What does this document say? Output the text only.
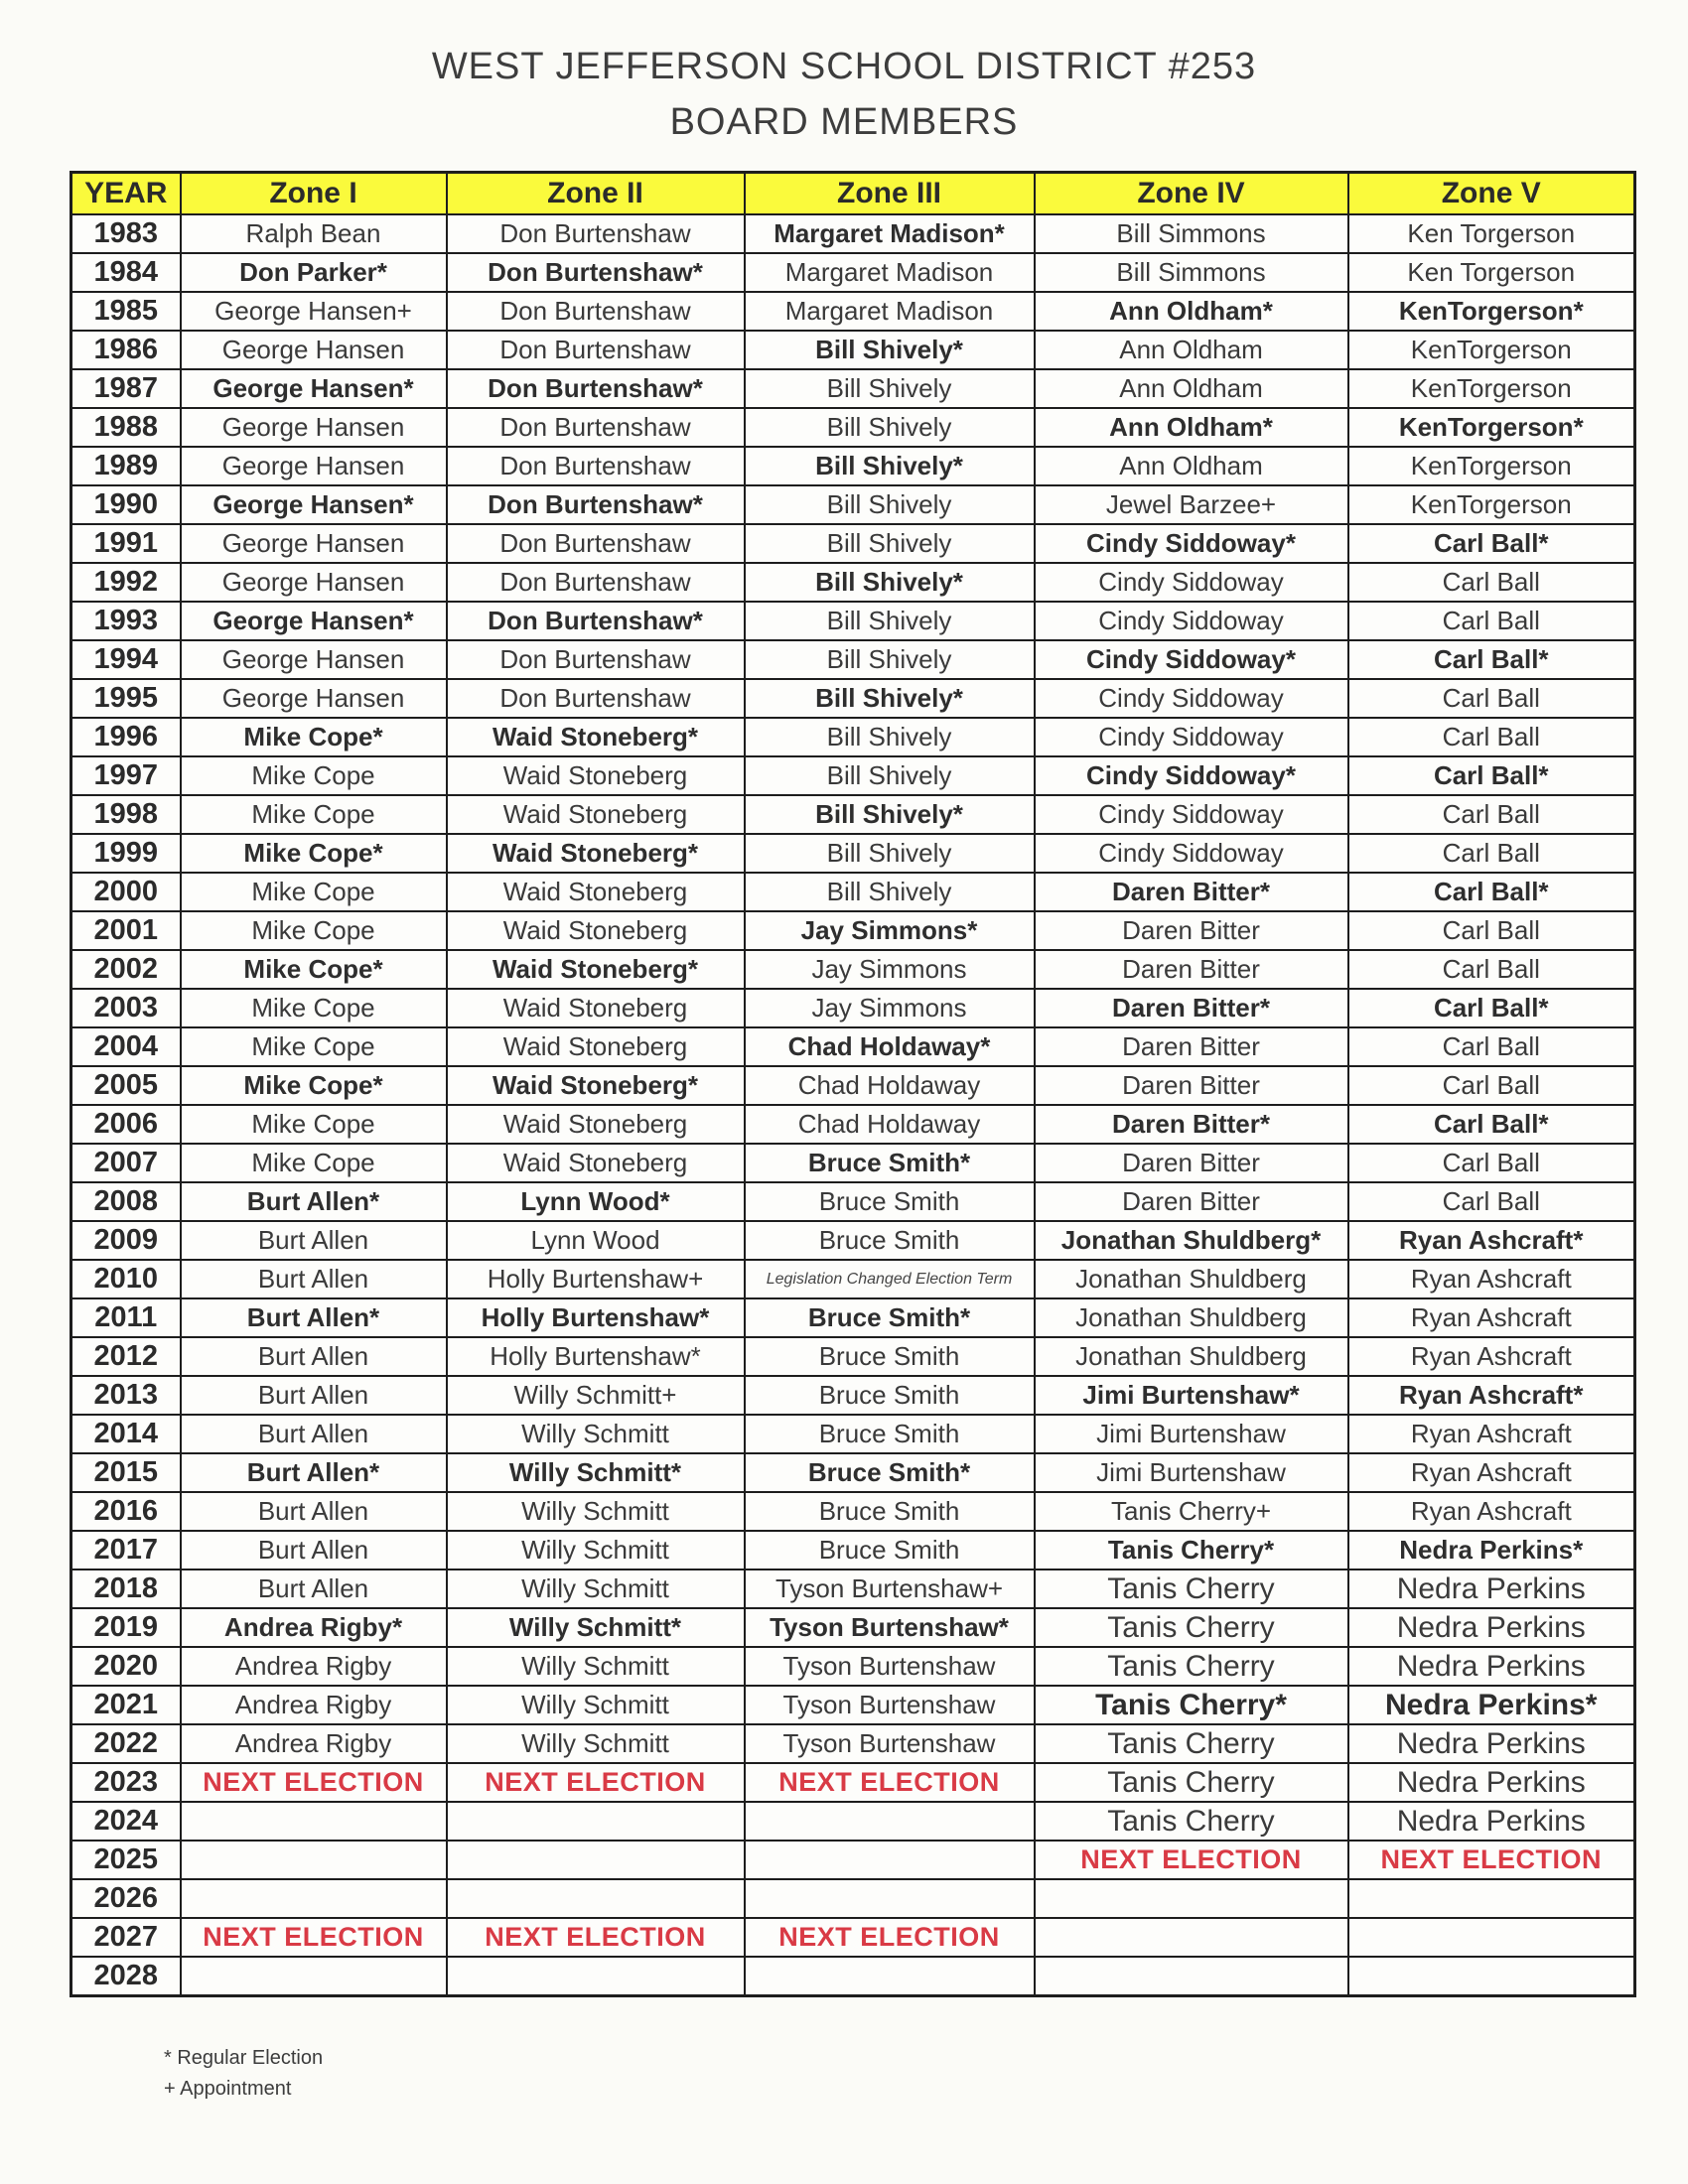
WEST JEFFERSON SCHOOL DISTRICT #253
BOARD MEMBERS
YEAR	Zone I	Zone II	Zone III	Zone IV	Zone V
1983	Ralph Bean	Don Burtenshaw	Margaret Madison*	Bill Simmons	Ken Torgerson
1984	Don Parker*	Don Burtenshaw*	Margaret Madison	Bill Simmons	Ken Torgerson
1985	George Hansen+	Don Burtenshaw	Margaret Madison	Ann Oldham*	KenTorgerson*
1986	George Hansen	Don Burtenshaw	Bill Shively*	Ann Oldham	KenTorgerson
1987	George Hansen*	Don Burtenshaw*	Bill Shively	Ann Oldham	KenTorgerson
1988	George Hansen	Don Burtenshaw	Bill Shively	Ann Oldham*	KenTorgerson*
1989	George Hansen	Don Burtenshaw	Bill Shively*	Ann Oldham	KenTorgerson
1990	George Hansen*	Don Burtenshaw*	Bill Shively	Jewel Barzee+	KenTorgerson
1991	George Hansen	Don Burtenshaw	Bill Shively	Cindy Siddoway*	Carl Ball*
1992	George Hansen	Don Burtenshaw	Bill Shively*	Cindy Siddoway	Carl Ball
1993	George Hansen*	Don Burtenshaw*	Bill Shively	Cindy Siddoway	Carl Ball
1994	George Hansen	Don Burtenshaw	Bill Shively	Cindy Siddoway*	Carl Ball*
1995	George Hansen	Don Burtenshaw	Bill Shively*	Cindy Siddoway	Carl Ball
1996	Mike Cope*	Waid Stoneberg*	Bill Shively	Cindy Siddoway	Carl Ball
1997	Mike Cope	Waid Stoneberg	Bill Shively	Cindy Siddoway*	Carl Ball*
1998	Mike Cope	Waid Stoneberg	Bill Shively*	Cindy Siddoway	Carl Ball
1999	Mike Cope*	Waid Stoneberg*	Bill Shively	Cindy Siddoway	Carl Ball
2000	Mike Cope	Waid Stoneberg	Bill Shively	Daren Bitter*	Carl Ball*
2001	Mike Cope	Waid Stoneberg	Jay Simmons*	Daren Bitter	Carl Ball
2002	Mike Cope*	Waid Stoneberg*	Jay Simmons	Daren Bitter	Carl Ball
2003	Mike Cope	Waid Stoneberg	Jay Simmons	Daren Bitter*	Carl Ball*
2004	Mike Cope	Waid Stoneberg	Chad Holdaway*	Daren Bitter	Carl Ball
2005	Mike Cope*	Waid Stoneberg*	Chad Holdaway	Daren Bitter	Carl Ball
2006	Mike Cope	Waid Stoneberg	Chad Holdaway	Daren Bitter*	Carl Ball*
2007	Mike Cope	Waid Stoneberg	Bruce Smith*	Daren Bitter	Carl Ball
2008	Burt Allen*	Lynn Wood*	Bruce Smith	Daren Bitter	Carl Ball
2009	Burt Allen	Lynn Wood	Bruce Smith	Jonathan Shuldberg*	Ryan Ashcraft*
2010	Burt Allen	Holly Burtenshaw+	Legislation Changed Election Term	Jonathan Shuldberg	Ryan Ashcraft
2011	Burt Allen*	Holly Burtenshaw*	Bruce Smith*	Jonathan Shuldberg	Ryan Ashcraft
2012	Burt Allen	Holly Burtenshaw*	Bruce Smith	Jonathan Shuldberg	Ryan Ashcraft
2013	Burt Allen	Willy Schmitt+	Bruce Smith	Jimi Burtenshaw*	Ryan Ashcraft*
2014	Burt Allen	Willy Schmitt	Bruce Smith	Jimi Burtenshaw	Ryan Ashcraft
2015	Burt Allen*	Willy Schmitt*	Bruce Smith*	Jimi Burtenshaw	Ryan Ashcraft
2016	Burt Allen	Willy Schmitt	Bruce Smith	Tanis Cherry+	Ryan Ashcraft
2017	Burt Allen	Willy Schmitt	Bruce Smith	Tanis Cherry*	Nedra Perkins*
2018	Burt Allen	Willy Schmitt	Tyson Burtenshaw+	Tanis Cherry	Nedra Perkins
2019	Andrea Rigby*	Willy Schmitt*	Tyson Burtenshaw*	Tanis Cherry	Nedra Perkins
2020	Andrea Rigby	Willy Schmitt	Tyson Burtenshaw	Tanis Cherry	Nedra Perkins
2021	Andrea Rigby	Willy Schmitt	Tyson Burtenshaw	Tanis Cherry*	Nedra Perkins*
2022	Andrea Rigby	Willy Schmitt	Tyson Burtenshaw	Tanis Cherry	Nedra Perkins
2023	NEXT ELECTION	NEXT ELECTION	NEXT ELECTION	Tanis Cherry	Nedra Perkins
2024				Tanis Cherry	Nedra Perkins
2025				NEXT ELECTION	NEXT ELECTION
2026					
2027	NEXT ELECTION	NEXT ELECTION	NEXT ELECTION		
2028					
* Regular Election
+ Appointment
